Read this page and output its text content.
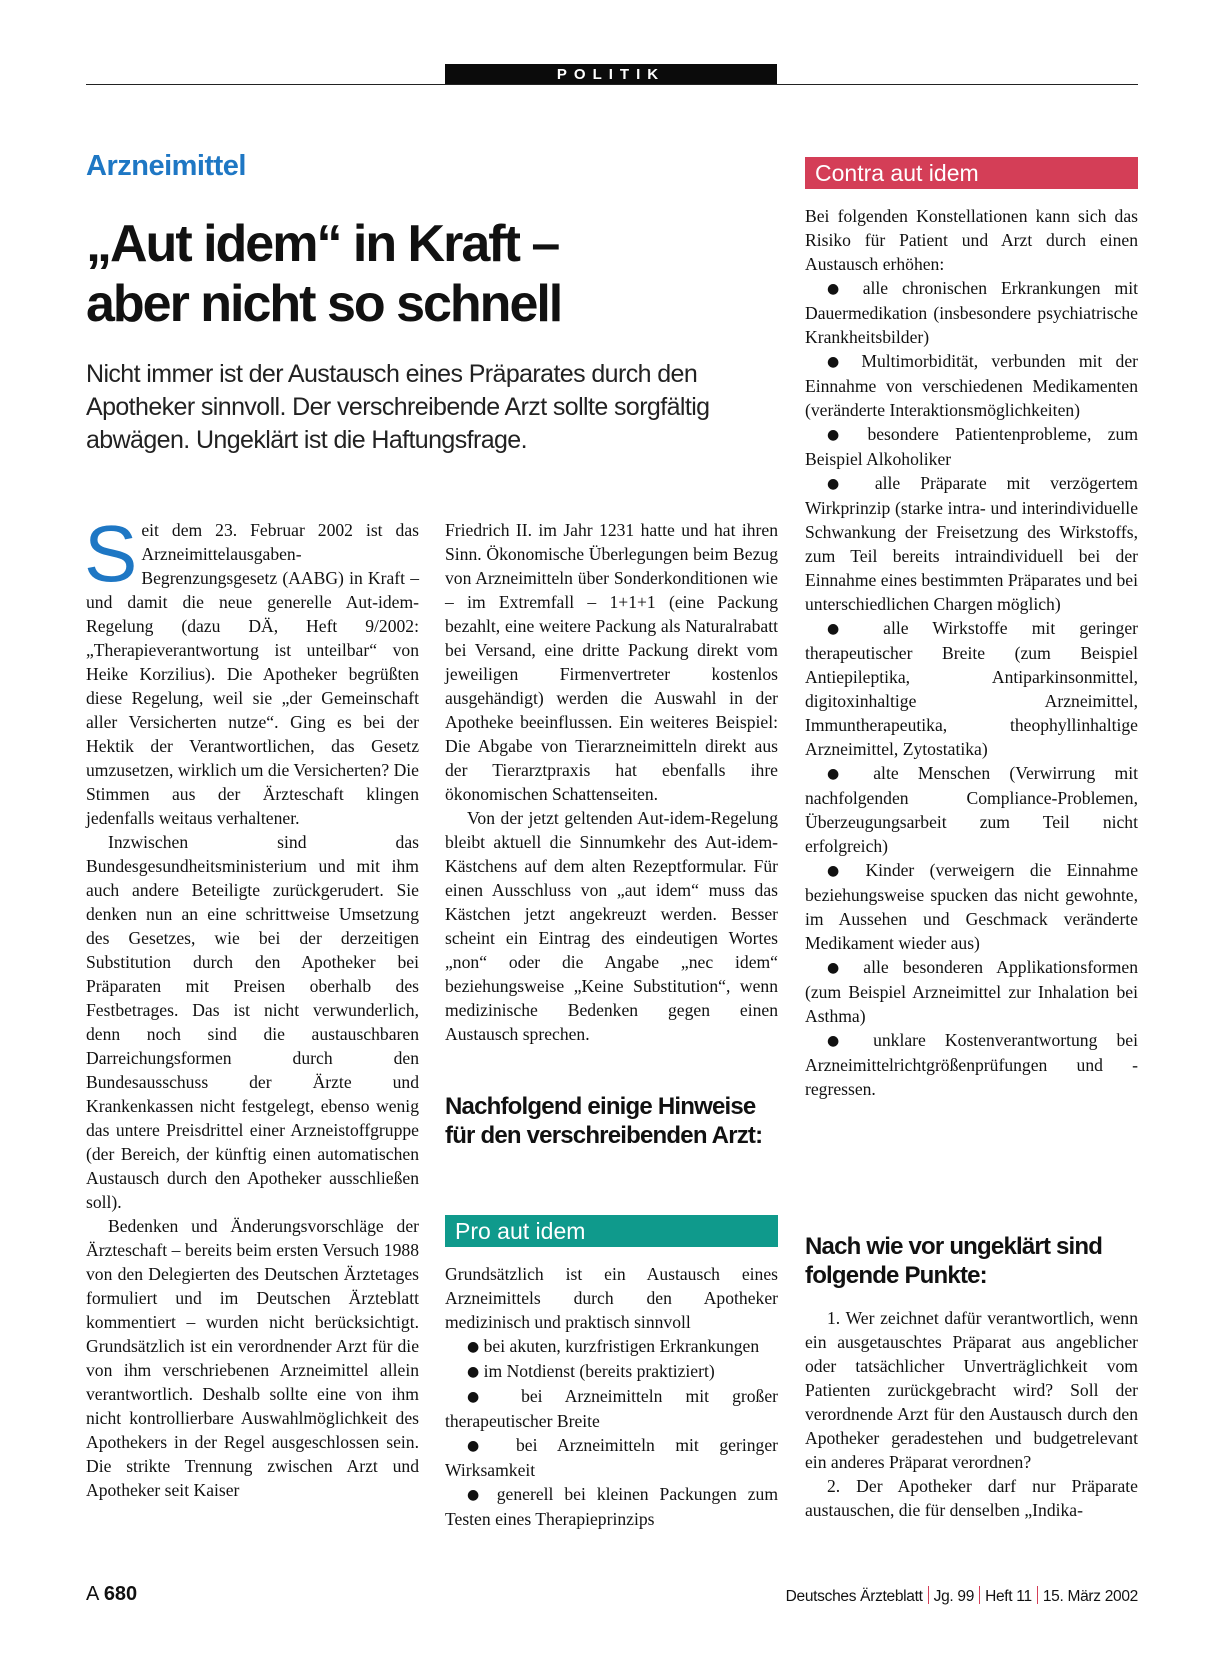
POLITIK
Arzneimittel
„Aut idem“ in Kraft –
aber nicht so schnell

Nicht immer ist der Austausch eines Präparates durch den Apotheker sinnvoll. Der verschreibende Arzt sollte sorgfältig abwägen. Ungeklärt ist die Haftungsfrage.

Seit dem 23. Februar 2002 ist das Arzneimittelausgaben-Begrenzungsgesetz (AABG) in Kraft – und damit die neue generelle Aut-idem-Regelung (dazu DÄ, Heft 9/2002: „Therapieverantwortung ist unteilbar“ von Heike Korzilius). Die Apotheker begrüßten diese Regelung, weil sie „der Gemeinschaft aller Versicherten nutze“. Ging es bei der Hektik der Verantwortlichen, das Gesetz umzusetzen, wirklich um die Versicherten? Die Stimmen aus der Ärzteschaft klingen jedenfalls weitaus verhaltener.

Inzwischen sind das Bundesgesundheitsministerium und mit ihm auch andere Beteiligte zurückgerudert. Sie denken nun an eine schrittweise Umsetzung des Gesetzes, wie bei der derzeitigen Substitution durch den Apotheker bei Präparaten mit Preisen oberhalb des Festbetrages. Das ist nicht verwunderlich, denn noch sind die austauschbaren Darreichungsformen durch den Bundesausschuss der Ärzte und Krankenkassen nicht festgelegt, ebenso wenig das untere Preisdrittel einer Arzneistoffgruppe (der Bereich, der künftig einen automatischen Austausch durch den Apotheker ausschließen soll).

Bedenken und Änderungsvorschläge der Ärzteschaft – bereits beim ersten Versuch 1988 von den Delegierten des Deutschen Ärztetages formuliert und im Deutschen Ärzteblatt kommentiert – wurden nicht berücksichtigt. Grundsätzlich ist ein verordnender Arzt für die von ihm verschriebenen Arzneimittel allein verantwortlich. Deshalb sollte eine von ihm nicht kontrollierbare Auswahlmöglichkeit des Apothekers in der Regel ausgeschlossen sein. Die strikte Trennung zwischen Arzt und Apotheker seit Kaiser

Friedrich II. im Jahr 1231 hatte und hat ihren Sinn. Ökonomische Überlegungen beim Bezug von Arzneimitteln über Sonderkonditionen wie – im Extremfall – 1+1+1 (eine Packung bezahlt, eine weitere Packung als Naturalrabatt bei Versand, eine dritte Packung direkt vom jeweiligen Firmenvertreter kostenlos ausgehändigt) werden die Auswahl in der Apotheke beeinflussen. Ein weiteres Beispiel: Die Abgabe von Tierarzneimitteln direkt aus der Tierarztpraxis hat ebenfalls ihre ökonomischen Schattenseiten.

Von der jetzt geltenden Aut-idem-Regelung bleibt aktuell die Sinnumkehr des Aut-idem-Kästchens auf dem alten Rezeptformular. Für einen Ausschluss von „aut idem“ muss das Kästchen jetzt angekreuzt werden. Besser scheint ein Eintrag des eindeutigen Wortes „non“ oder die Angabe „nec idem“ beziehungsweise „Keine Substitution“, wenn medizinische Bedenken gegen einen Austausch sprechen.

Nachfolgend einige Hinweise für den verschreibenden Arzt:
Pro aut idem

Grundsätzlich ist ein Austausch eines Arzneimittels durch den Apotheker medizinisch und praktisch sinnvoll

● bei akuten, kurzfristigen Erkrankungen

● im Notdienst (bereits praktiziert)

● bei Arzneimitteln mit großer therapeutischer Breite

● bei Arzneimitteln mit geringer Wirksamkeit

● generell bei kleinen Packungen zum Testen eines Therapieprinzips

Contra aut idem

Bei folgenden Konstellationen kann sich das Risiko für Patient und Arzt durch einen Austausch erhöhen:

● alle chronischen Erkrankungen mit Dauermedikation (insbesondere psychiatrische Krankheitsbilder)

● Multimorbidität, verbunden mit der Einnahme von verschiedenen Medikamenten (veränderte Interaktionsmöglichkeiten)

● besondere Patientenprobleme, zum Beispiel Alkoholiker

● alle Präparate mit verzögertem Wirkprinzip (starke intra- und interindividuelle Schwankung der Freisetzung des Wirkstoffs, zum Teil bereits intraindividuell bei der Einnahme eines bestimmten Präparates und bei unterschiedlichen Chargen möglich)

● alle Wirkstoffe mit geringer therapeutischer Breite (zum Beispiel Antiepileptika, Antiparkinsonmittel, digitoxinhaltige Arzneimittel, Immuntherapeutika, theophyllinhaltige Arzneimittel, Zytostatika)

● alte Menschen (Verwirrung mit nachfolgenden Compliance-Problemen, Überzeugungsarbeit zum Teil nicht erfolgreich)

● Kinder (verweigern die Einnahme beziehungsweise spucken das nicht gewohnte, im Aussehen und Geschmack veränderte Medikament wieder aus)

● alle besonderen Applikationsformen (zum Beispiel Arzneimittel zur Inhalation bei Asthma)

● unklare Kostenverantwortung bei Arzneimittelrichtgrößenprüfungen und -regressen.

Nach wie vor ungeklärt sind folgende Punkte:

1. Wer zeichnet dafür verantwortlich, wenn ein ausgetauschtes Präparat aus angeblicher oder tatsächlicher Unverträglichkeit vom Patienten zurückgebracht wird? Soll der verordnende Arzt für den Austausch durch den Apotheker geradestehen und budgetrelevant ein anderes Präparat verordnen?

2. Der Apotheker darf nur Präparate austauschen, die für denselben „Indika-

A 680	Deutsches Ärzteblatt Jg. 99 Heft 11 15. März 2002
